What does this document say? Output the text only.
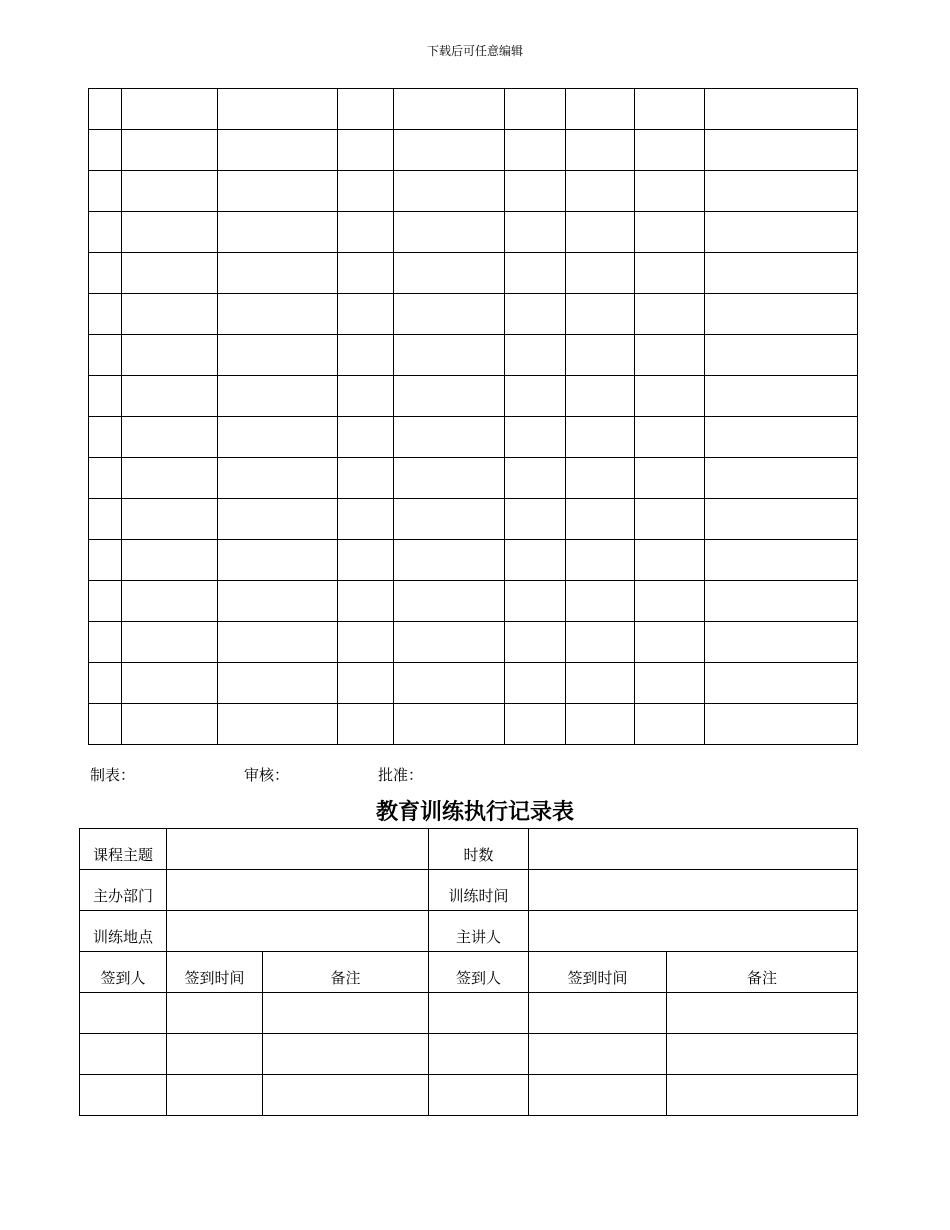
下载后可任意编辑

制表：	审核：	批准：
教育训练执行记录表
课程主题			时数		
主办部门			训练时间		
训练地点			主讲人		
签到人	签到时间	备注	签到人	签到时间	备注
